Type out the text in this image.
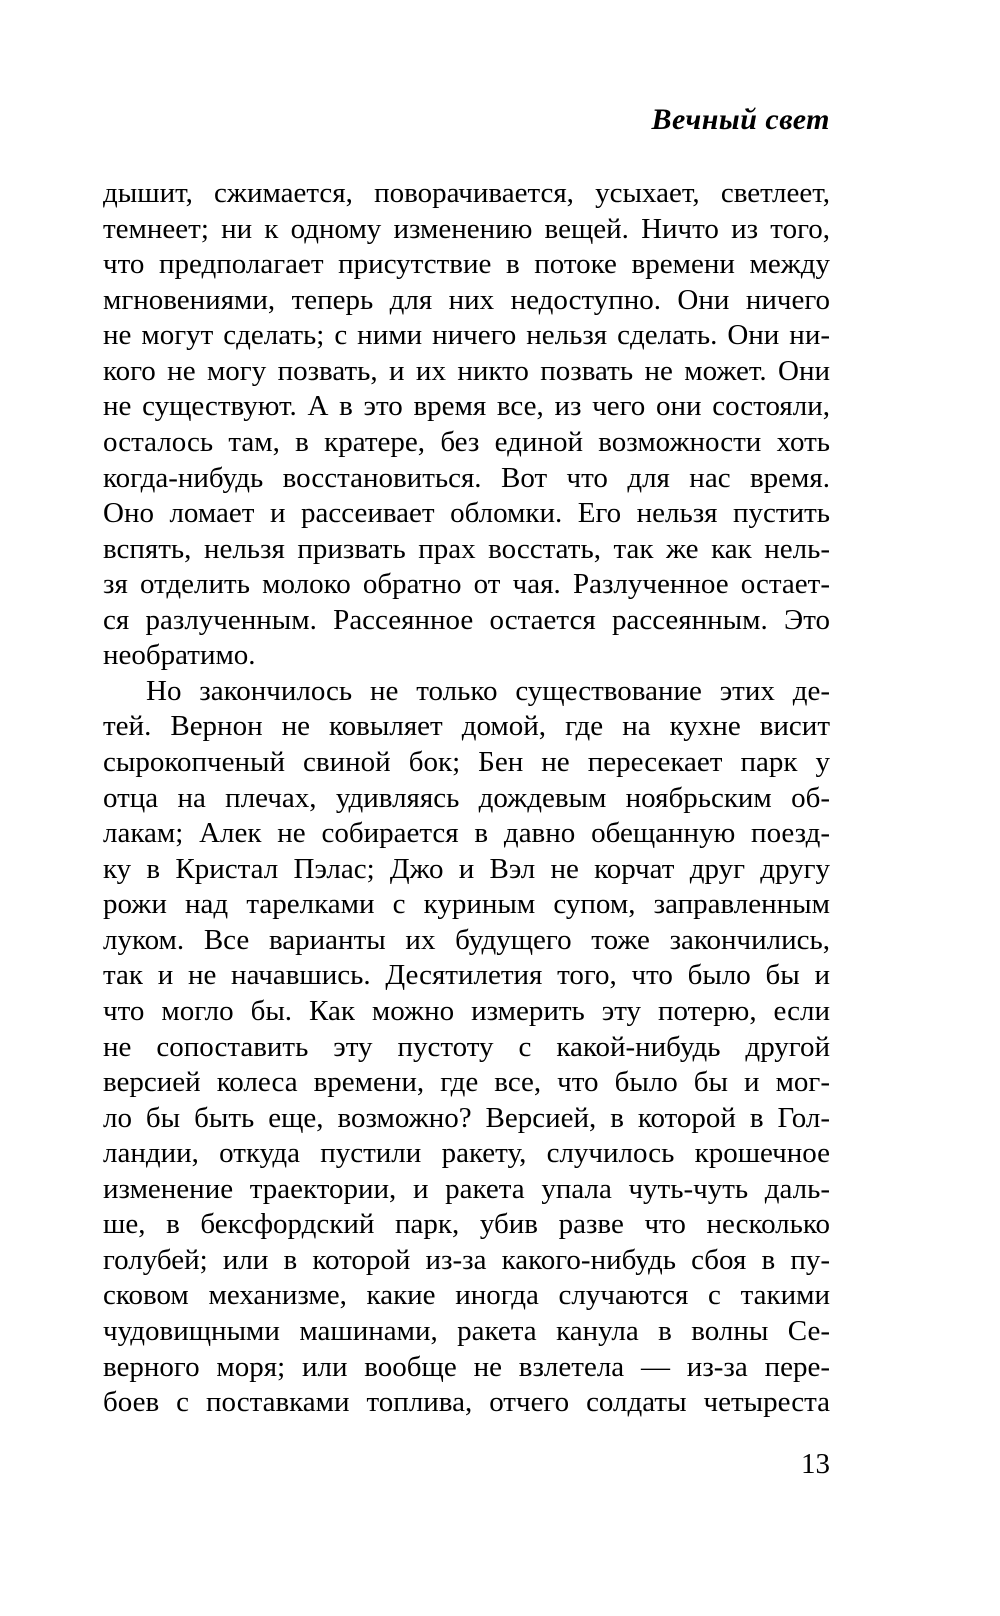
Вечный свет
дышит, сжимается, поворачивается, усыхает, светлеет,
темнеет; ни к одному изменению вещей. Ничто из того,
что предполагает присутствие в потоке времени между
мгновениями, теперь для них недоступно. Они ничего
не могут сделать; с ними ничего нельзя сделать. Они ни-
кого не могу позвать, и их никто позвать не может. Они
не существуют. А в это время все, из чего они состояли,
осталось там, в кратере, без единой возможности хоть
когда-нибудь восстановиться. Вот что для нас время.
Оно ломает и рассеивает обломки. Его нельзя пустить
вспять, нельзя призвать прах восстать, так же как нель-
зя отделить молоко обратно от чая. Разлученное остает-
ся разлученным. Рассеянное остается рассеянным. Это
необратимо.
Но закончилось не только существование этих де-
тей. Вернон не ковыляет домой, где на кухне висит
сырокопченый свиной бок; Бен не пересекает парк у
отца на плечах, удивляясь дождевым ноябрьским об-
лакам; Алек не собирается в давно обещанную поезд-
ку в Кристал Пэлас; Джо и Вэл не корчат друг другу
рожи над тарелками с куриным супом, заправленным
луком. Все варианты их будущего тоже закончились,
так и не начавшись. Десятилетия того, что было бы и
что могло бы. Как можно измерить эту потерю, если
не сопоставить эту пустоту с какой-нибудь другой
версией колеса времени, где все, что было бы и мог-
ло бы быть еще, возможно? Версией, в которой в Гол-
ландии, откуда пустили ракету, случилось крошечное
изменение траектории, и ракета упала чуть-чуть даль-
ше, в бексфордский парк, убив разве что несколько
голубей; или в которой из-за какого-нибудь сбоя в пу-
сковом механизме, какие иногда случаются с такими
чудовищными машинами, ракета канула в волны Се-
верного моря; или вообще не взлетела — из-за пере-
боев с поставками топлива, отчего солдаты четыреста
13
